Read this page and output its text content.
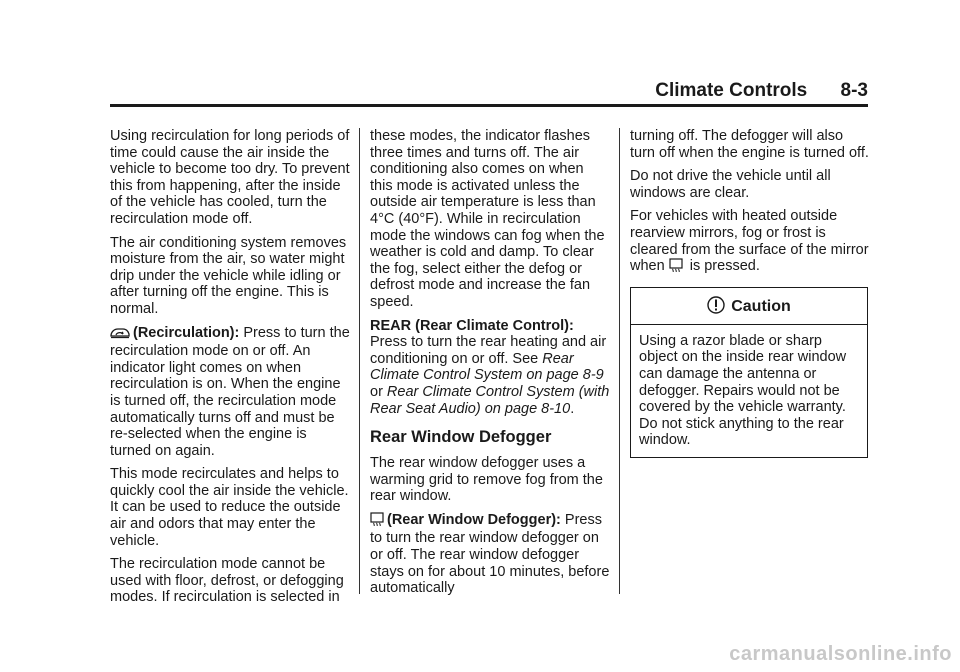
Climate Controls 8-3

Using recirculation for long periods of time could cause the air inside the vehicle to become too dry. To prevent this from happening, after the inside of the vehicle has cooled, turn the recirculation mode off.

The air conditioning system removes moisture from the air, so water might drip under the vehicle while idling or after turning off the engine. This is normal.

(Recirculation): Press to turn the recirculation mode on or off. An indicator light comes on when recirculation is on. When the engine is turned off, the recirculation mode automatically turns off and must be re-selected when the engine is turned on again.

This mode recirculates and helps to quickly cool the air inside the vehicle. It can be used to reduce the outside air and odors that may enter the vehicle.

The recirculation mode cannot be used with floor, defrost, or defogging modes. If recirculation is selected in

these modes, the indicator flashes three times and turns off. The air conditioning also comes on when this mode is activated unless the outside air temperature is less than 4°C (40°F). While in recirculation mode the windows can fog when the weather is cold and damp. To clear the fog, select either the defog or defrost mode and increase the fan speed.

REAR (Rear Climate Control): Press to turn the rear heating and air conditioning on or off. See Rear Climate Control System on page 8-9 or Rear Climate Control System (with Rear Seat Audio) on page 8-10.

Rear Window Defogger

The rear window defogger uses a warming grid to remove fog from the rear window.

(Rear Window Defogger): Press to turn the rear window defogger on or off. The rear window defogger stays on for about 10 minutes, before automatically

turning off. The defogger will also turn off when the engine is turned off.

Do not drive the vehicle until all windows are clear.

For vehicles with heated outside rearview mirrors, fog or frost is cleared from the surface of the mirror when  is pressed.

Caution
Using a razor blade or sharp object on the inside rear window can damage the antenna or defogger. Repairs would not be covered by the vehicle warranty. Do not stick anything to the rear window.
carmanualsonline.info
